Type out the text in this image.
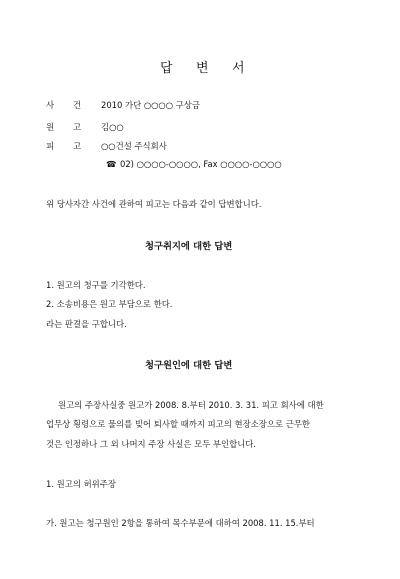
답 변 서
사 건 2010 가단 ○○○○ 구상금
원 고 김○○
피 고 ○○건설 주식회사
☎ 02) ○○○○-○○○○, Fax ○○○○-○○○○
위 당사자간 사건에 관하여 피고는 다음과 같이 답변합니다.
청구취지에 대한 답변
1. 원고의 청구를 기각한다.
2. 소송비용은 원고 부담으로 한다.
라는 판결을 구합니다.
청구원인에 대한 답변
원고의 주장사실중 원고가 2008. 8.부터 2010. 3. 31. 피고 회사에 대한
업무상 횡령으로 물의를 빚어 퇴사할 때까지 피고의 현장소장으로 근무한
것은 인정하나 그 외 나머지 주장 사실은 모두 부인합니다.
1. 원고의 허위주장
가. 원고는 청구원인 2항을 통하여 목수부문에 대하여 2008. 11. 15.부터
